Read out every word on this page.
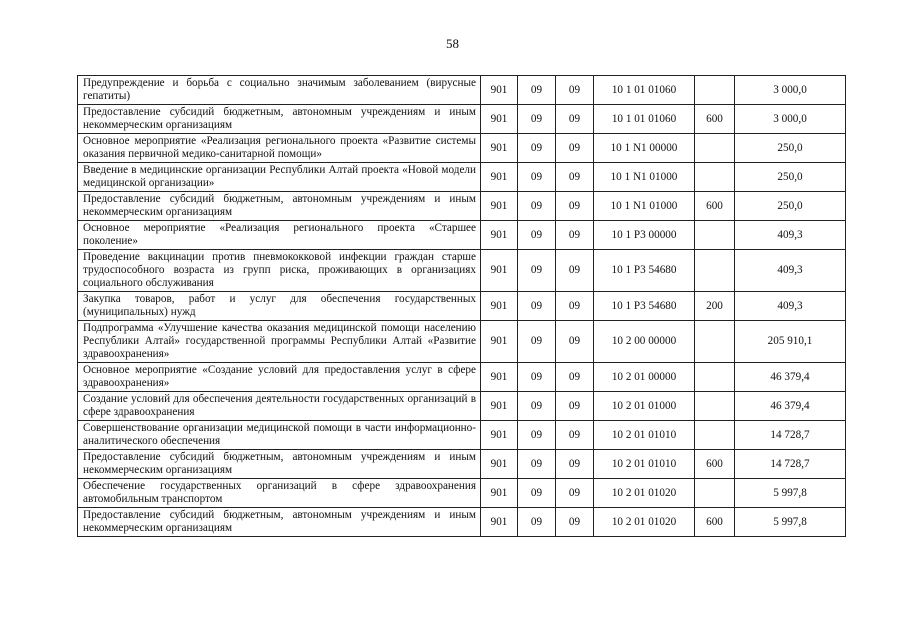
58
Предупреждение и борьба с социально значимым заболеванием (вирусные гепатиты)	901	09	09	10 1 01 01060		3 000,0
Предоставление субсидий бюджетным, автономным учреждениям и иным некоммерческим организациям	901	09	09	10 1 01 01060	600	3 000,0
Основное мероприятие «Реализация регионального проекта «Развитие системы оказания первичной медико-санитарной помощи»	901	09	09	10 1 N1 00000		250,0
Введение в медицинские организации Республики Алтай проекта «Новой модели медицинской организации»	901	09	09	10 1 N1 01000		250,0
Предоставление субсидий бюджетным, автономным учреждениям и иным некоммерческим организациям	901	09	09	10 1 N1 01000	600	250,0
Основное мероприятие «Реализация регионального проекта «Старшее поколение»	901	09	09	10 1 P3 00000		409,3
Проведение вакцинации против пневмококковой инфекции граждан старше трудоспособного возраста из групп риска, проживающих в организациях социального обслуживания	901	09	09	10 1 P3 54680		409,3
Закупка товаров, работ и услуг для обеспечения государственных (муниципальных) нужд	901	09	09	10 1 P3 54680	200	409,3
Подпрограмма «Улучшение качества оказания медицинской помощи населению Республики Алтай» государственной программы Республики Алтай «Развитие здравоохранения»	901	09	09	10 2 00 00000		205 910,1
Основное мероприятие «Создание условий для предоставления услуг в сфере здравоохранения»	901	09	09	10 2 01 00000		46 379,4
Создание условий для обеспечения деятельности государственных организаций в сфере здравоохранения	901	09	09	10 2 01 01000		46 379,4
Совершенствование организации медицинской помощи в части информационно-аналитического обеспечения	901	09	09	10 2 01 01010		14 728,7
Предоставление субсидий бюджетным, автономным учреждениям и иным некоммерческим организациям	901	09	09	10 2 01 01010	600	14 728,7
Обеспечение государственных организаций в сфере здравоохранения автомобильным транспортом	901	09	09	10 2 01 01020		5 997,8
Предоставление субсидий бюджетным, автономным учреждениям и иным некоммерческим организациям	901	09	09	10 2 01 01020	600	5 997,8
